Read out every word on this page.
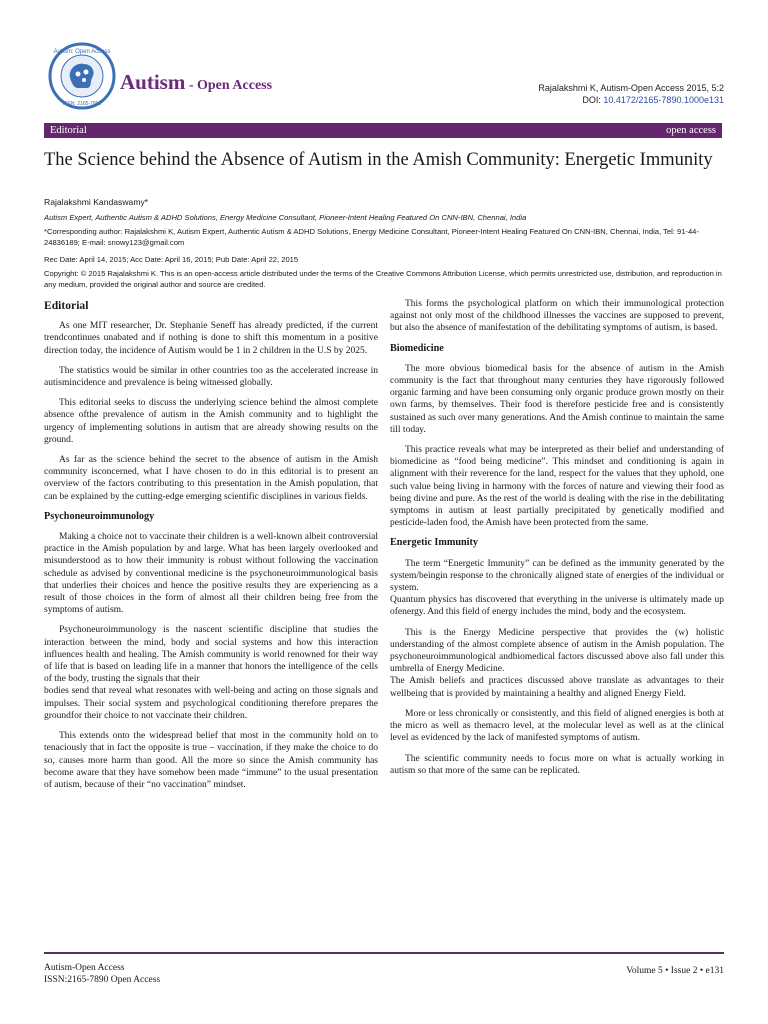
Autism: Open Access
ISSN: 2165-7890
Autism - Open Access	Rajalakshmi K, Autism-Open Access 2015, 5:2
DOI: 10.4172/2165-7890.1000e131
Editorial	open access
The Science behind the Absence of Autism in the Amish Community: Energetic Immunity
Rajalakshmi Kandaswamy*
Autism Expert, Authentic Autism & ADHD Solutions, Energy Medicine Consultant, Pioneer-Intent Healing Featured On CNN-IBN, Chennai, India
*Corresponding author: Rajalakshmi K, Autism Expert, Authentic Autism & ADHD Solutions, Energy Medicine Consultant, Pioneer-Intent Healing Featured On CNN-IBN, Chennai, India, Tel: 91-44-24836189; E-mail: snowy123@gmail.com
Rec Date: April 14, 2015; Acc Date: April 16, 2015; Pub Date: April 22, 2015
Copyright: © 2015 Rajalakshmi K. This is an open-access article distributed under the terms of the Creative Commons Attribution License, which permits unrestricted use, distribution, and reproduction in any medium, provided the original author and source are credited.
Editorial

As one MIT researcher, Dr. Stephanie Seneff has already predicted, if the current trendcontinues unabated and if nothing is done to shift this momentum in a positive direction today, the incidence of Autism would be 1 in 2 children in the U.S by 2025.

The statistics would be similar in other countries too as the accelerated increase in autismincidence and prevalence is being witnessed globally.

This editorial seeks to discuss the underlying science behind the almost complete absence ofthe prevalence of autism in the Amish community and to highlight the urgency of implementing solutions in autism that are already showing results on the ground.

As far as the science behind the secret to the absence of autism in the Amish community isconcerned, what I have chosen to do in this editorial is to present an overview of the factors contributing to this presentation in the Amish population, that can be explained by the cutting-edge emerging scientific disciplines in various fields.

Psychoneuroimmunology

Making a choice not to vaccinate their children is a well-known albeit controversial practice in the Amish population by and large. What has been largely overlooked and misunderstood as to how their immunity is robust without following the vaccination schedule as advised by conventional medicine is the psychoneuroimmunological basis that underlies their choices and hence the positive results they are experiencing as a result of those choices in the form of almost all their children being free from the symptoms of autism.

Psychoneuroimmunology is the nascent scientific discipline that studies the interaction between the mind, body and social systems and how this interaction influences health and healing. The Amish community is world renowned for their way of life that is based on leading life in a manner that honors the intelligence of the cells of the body, trusting the signals that their

bodies send that reveal what resonates with well-being and acting on those signals and impulses. Their social system and psychological conditioning therefore prepares the groundfor their choice to not vaccinate their children.

This extends onto the widespread belief that most in the community hold on to tenaciously that in fact the opposite is true – vaccination, if they make the choice to do so, causes more harm than good. All the more so since the Amish community has become aware that they have somehow been made “immune” to the usual presentation of autism, because of their “no vaccination” mindset.

This forms the psychological platform on which their immunological protection against not only most of the childhood illnesses the vaccines are supposed to prevent, but also the absence of manifestation of the debilitating symptoms of autism, is based.

Biomedicine

The more obvious biomedical basis for the absence of autism in the Amish community is the fact that throughout many centuries they have rigorously followed organic farming and have been consuming only organic produce grown mostly on their own farms, by themselves. Their food is therefore pesticide free and is consistently sustained as such over many generations. And the Amish continue to maintain the same till today.

This practice reveals what may be interpreted as their belief and understanding of biomedicine as “food being medicine”. This mindset and conditioning is again in alignment with their reverence for the land, respect for the values that they uphold, one such value being living in harmony with the forces of nature and viewing their food as being divine and pure. As the rest of the world is dealing with the rise in the debilitating symptoms in autism at least partially precipitated by genetically modified and pesticide-laden food, the Amish have been protected from the same.

Energetic Immunity

The term “Energetic Immunity” can be defined as the immunity generated by the system/beingin response to the chronically aligned state of energies of the individual or system.

Quantum physics has discovered that everything in the universe is ultimately made up ofenergy. And this field of energy includes the mind, body and the ecosystem.

This is the Energy Medicine perspective that provides the (w) holistic understanding of the almost complete absence of autism in the Amish population. The psychoneuroimmunological andbiomedical factors discussed above also fall under this umbrella of Energy Medicine.

The Amish beliefs and practices discussed above translate as advantages to their wellbeing that is provided by maintaining a healthy and aligned Energy Field.

More or less chronically or consistently, and this field of aligned energies is both at the micro as well as themacro level, at the molecular level as well as at the clinical level as evidenced by the lack of manifested symptoms of autism.

The scientific community needs to focus more on what is actually working in autism so that more of the same can be replicated.

Autism-Open Access
ISSN:2165-7890 Open Access
Volume 5 • Issue 2 • e131
